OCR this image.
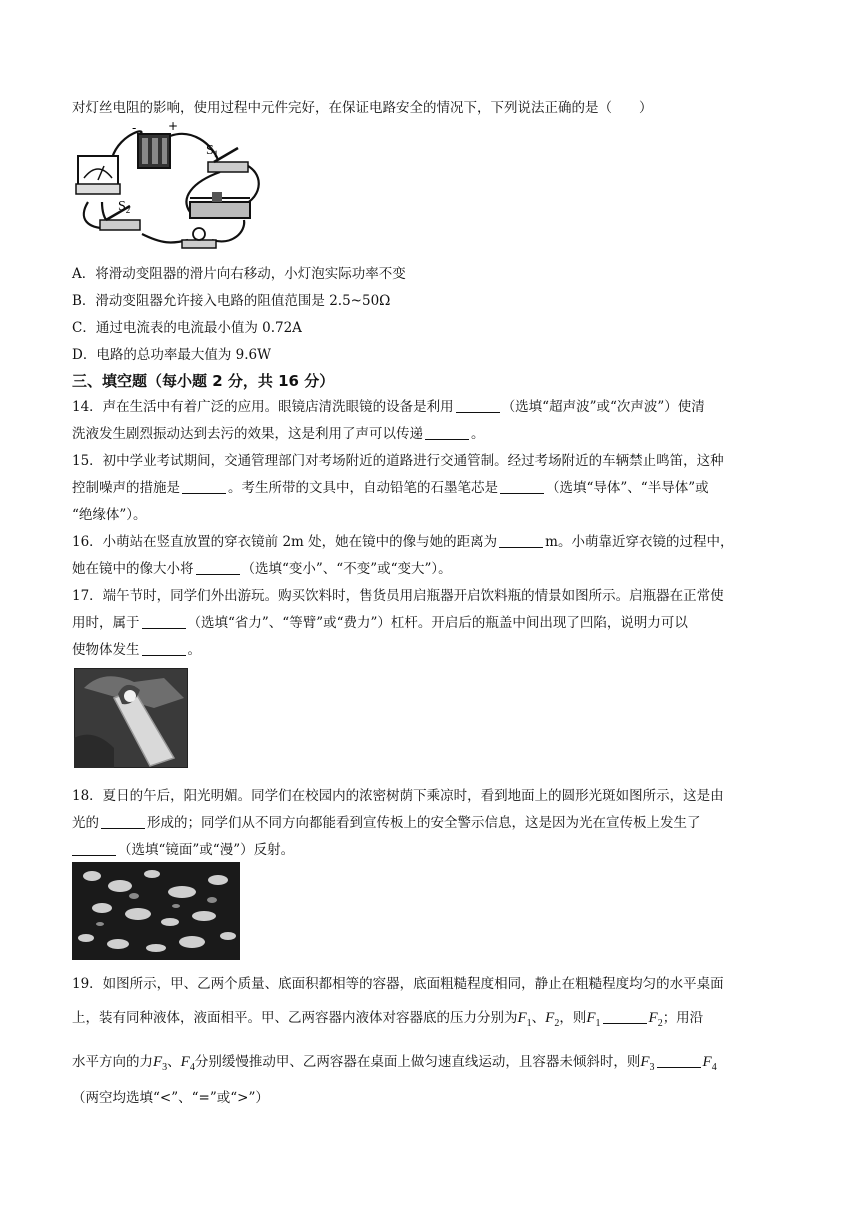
对灯丝电阻的影响，使用过程中元件完好，在保证电路安全的情况下，下列说法正确的是（　　）
-	+
$S_1$
$S_2$
A．将滑动变阻器的滑片向右移动，小灯泡实际功率不变
B．滑动变阻器允许接入电路的阻值范围是 2.5~50Ω
C．通过电流表的电流最小值为 0.72A
D．电路的总功率最大值为 9.6W
三、填空题（每小题 2 分，共 16 分）
14．声在生活中有着广泛的应用。眼镜店清洗眼镜的设备是利用	（选填“超声波”或“次声波”）使清
洗液发生剧烈振动达到去污的效果，这是利用了声可以传递	。
15．初中学业考试期间，交通管理部门对考场附近的道路进行交通管制。经过考场附近的车辆禁止鸣笛，这种
控制噪声的措施是	。考生所带的文具中，自动铅笔的石墨笔芯是	（选填“导体”、“半导体”或
“绝缘体”）。
16．小萌站在竖直放置的穿衣镜前 2m 处，她在镜中的像与她的距离为	m。小萌靠近穿衣镜的过程中，
她在镜中的像大小将	（选填“变小”、“不变”或“变大”）。
17．端午节时，同学们外出游玩。购买饮料时，售货员用启瓶器开启饮料瓶的情景如图所示。启瓶器在正常使
用时，属于	（选填“省力”、“等臂”或“费力”）杠杆。开启后的瓶盖中间出现了凹陷，说明力可以
使物体发生	。
18．夏日的午后，阳光明媚。同学们在校园内的浓密树荫下乘凉时，看到地面上的圆形光斑如图所示，这是由
光的	形成的；同学们从不同方向都能看到宣传板上的安全警示信息，这是因为光在宣传板上发生了
（选填“镜面”或“漫”）反射。
19．如图所示，甲、乙两个质量、底面积都相等的容器，底面粗糙程度相同，静止在粗糙程度均匀的水平桌面
上，装有同种液体，液面相平。甲、乙两容器内液体对容器底的压力分别为$F_1$、$F_2$，则$F_1$	$F_2$；用沿
水平方向的力$F_3$、$F_4$分别缓慢推动甲、乙两容器在桌面上做匀速直线运动，且容器未倾斜时，则$F_3$	$F_4$
（两空均选填“<”、“=”或“>”）
